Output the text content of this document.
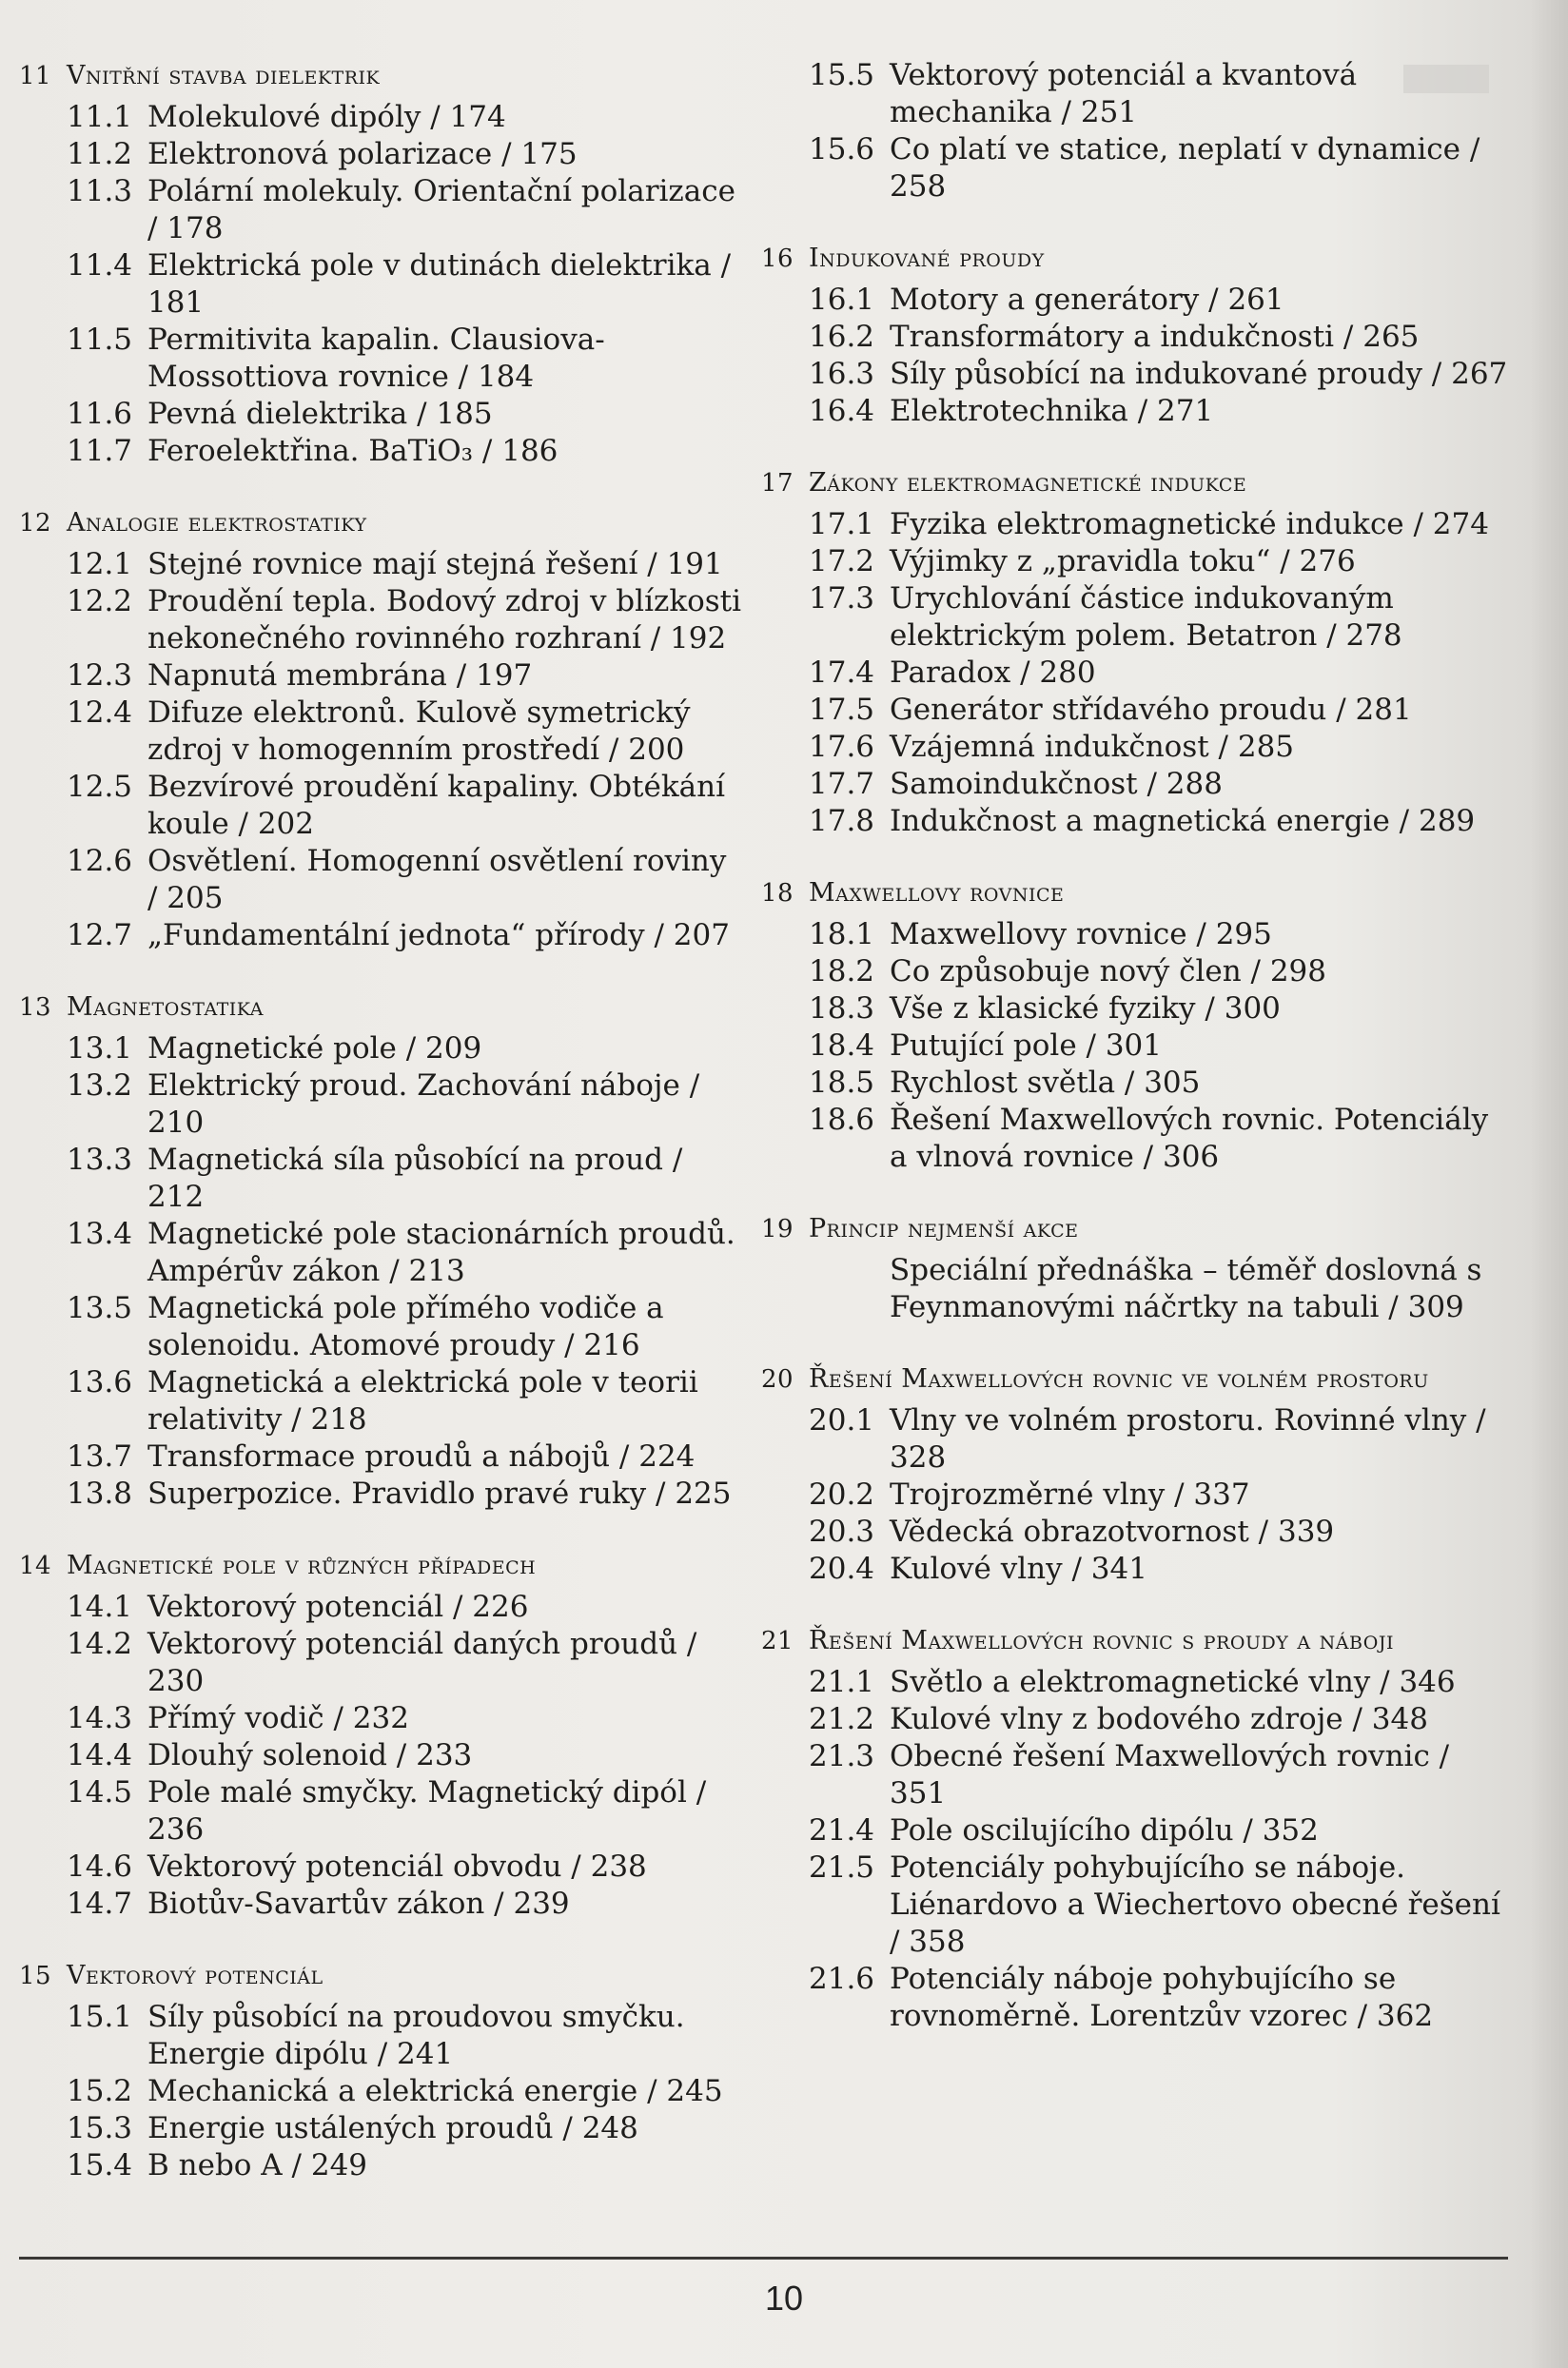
11 Vnitřní stavba dielektrik
11.1 Molekulové dipóly / 174
11.2 Elektronová polarizace / 175
11.3 Polární molekuly. Orientační polarizace / 178
11.4 Elektrická pole v dutinách dielektrika / 181
11.5 Permitivita kapalin. Clausiova-Mossottiova rovnice / 184
11.6 Pevná dielektrika / 185
11.7 Feroelektřina. BaTiO₃ / 186
12 Analogie elektrostatiky
12.1 Stejné rovnice mají stejná řešení / 191
12.2 Proudění tepla. Bodový zdroj v blízkosti nekonečného rovinného rozhraní / 192
12.3 Napnutá membrána / 197
12.4 Difuze elektronů. Kulově symetrický zdroj v homogenním prostředí / 200
12.5 Bezvírové proudění kapaliny. Obtékání koule / 202
12.6 Osvětlení. Homogenní osvětlení roviny / 205
12.7 „Fundamentální jednota“ přírody / 207
13 Magnetostatika
13.1 Magnetické pole / 209
13.2 Elektrický proud. Zachování náboje / 210
13.3 Magnetická síla působící na proud / 212
13.4 Magnetické pole stacionárních proudů. Ampérův zákon / 213
13.5 Magnetická pole přímého vodiče a solenoidu. Atomové proudy / 216
13.6 Magnetická a elektrická pole v teorii relativity / 218
13.7 Transformace proudů a nábojů / 224
13.8 Superpozice. Pravidlo pravé ruky / 225
14 Magnetické pole v různých případech
14.1 Vektorový potenciál / 226
14.2 Vektorový potenciál daných proudů / 230
14.3 Přímý vodič / 232
14.4 Dlouhý solenoid / 233
14.5 Pole malé smyčky. Magnetický dipól / 236
14.6 Vektorový potenciál obvodu / 238
14.7 Biotův-Savartův zákon / 239
15 Vektorový potenciál
15.1 Síly působící na proudovou smyčku. Energie dipólu / 241
15.2 Mechanická a elektrická energie / 245
15.3 Energie ustálených proudů / 248
15.4 B nebo A / 249
15.5 Vektorový potenciál a kvantová mechanika / 251
15.6 Co platí ve statice, neplatí v dynamice / 258
16 Indukované proudy
16.1 Motory a generátory / 261
16.2 Transformátory a indukčnosti / 265
16.3 Síly působící na indukované proudy / 267
16.4 Elektrotechnika / 271
17 Zákony elektromagnetické indukce
17.1 Fyzika elektromagnetické indukce / 274
17.2 Výjimky z „pravidla toku“ / 276
17.3 Urychlování částice indukovaným elektrickým polem. Betatron / 278
17.4 Paradox / 280
17.5 Generátor střídavého proudu / 281
17.6 Vzájemná indukčnost / 285
17.7 Samoindukčnost / 288
17.8 Indukčnost a magnetická energie / 289
18 Maxwellovy rovnice
18.1 Maxwellovy rovnice / 295
18.2 Co způsobuje nový člen / 298
18.3 Vše z klasické fyziky / 300
18.4 Putující pole / 301
18.5 Rychlost světla / 305
18.6 Řešení Maxwellových rovnic. Potenciály a vlnová rovnice / 306
19 Princip nejmenší akce
Speciální přednáška – téměř doslovná s Feynmanovými náčrtky na tabuli / 309
20 Řešení Maxwellových rovnic ve volném prostoru
20.1 Vlny ve volném prostoru. Rovinné vlny / 328
20.2 Trojrozměrné vlny / 337
20.3 Vědecká obrazotvornost / 339
20.4 Kulové vlny / 341
21 Řešení Maxwellových rovnic s proudy a náboji
21.1 Světlo a elektromagnetické vlny / 346
21.2 Kulové vlny z bodového zdroje / 348
21.3 Obecné řešení Maxwellových rovnic / 351
21.4 Pole oscilujícího dipólu / 352
21.5 Potenciály pohybujícího se náboje. Liénardovo a Wiechertovo obecné řešení / 358
21.6 Potenciály náboje pohybujícího se rovnoměrně. Lorentzův vzorec / 362
10
